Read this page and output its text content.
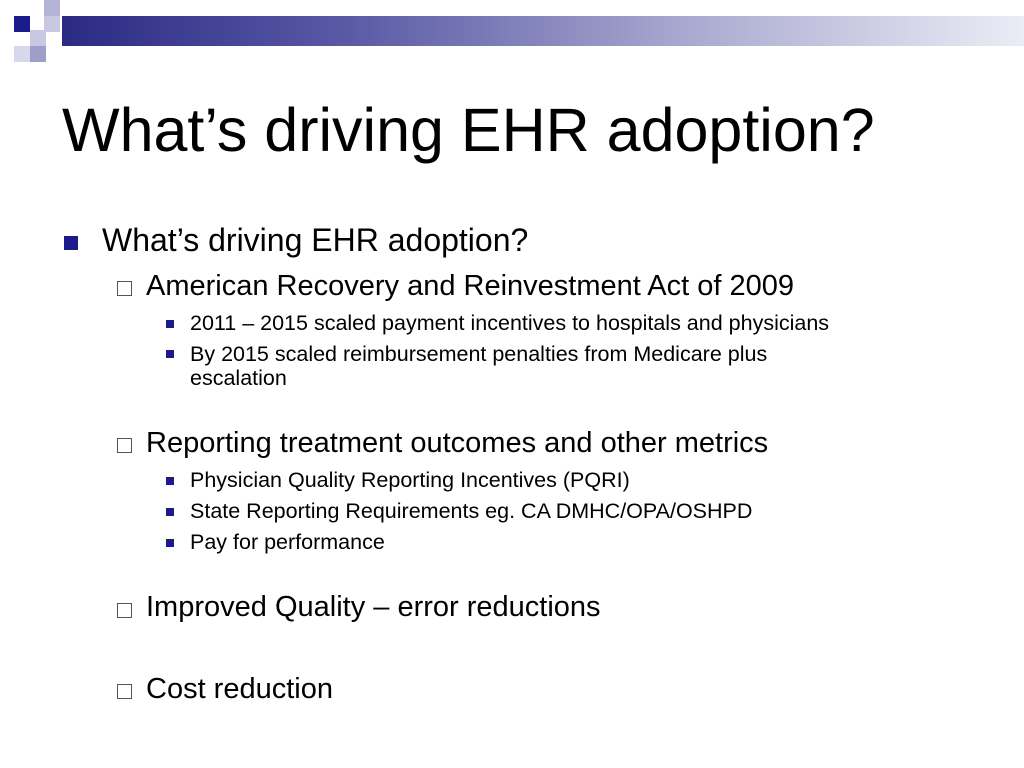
What’s driving EHR adoption?
What’s driving EHR adoption?
American Recovery and Reinvestment Act of 2009
2011 – 2015 scaled payment incentives to hospitals and physicians
By 2015 scaled reimbursement penalties from Medicare plus
escalation
Reporting treatment outcomes and other metrics
Physician Quality Reporting Incentives (PQRI)
State Reporting Requirements eg. CA DMHC/OPA/OSHPD
Pay for performance
Improved Quality – error reductions
Cost reduction
